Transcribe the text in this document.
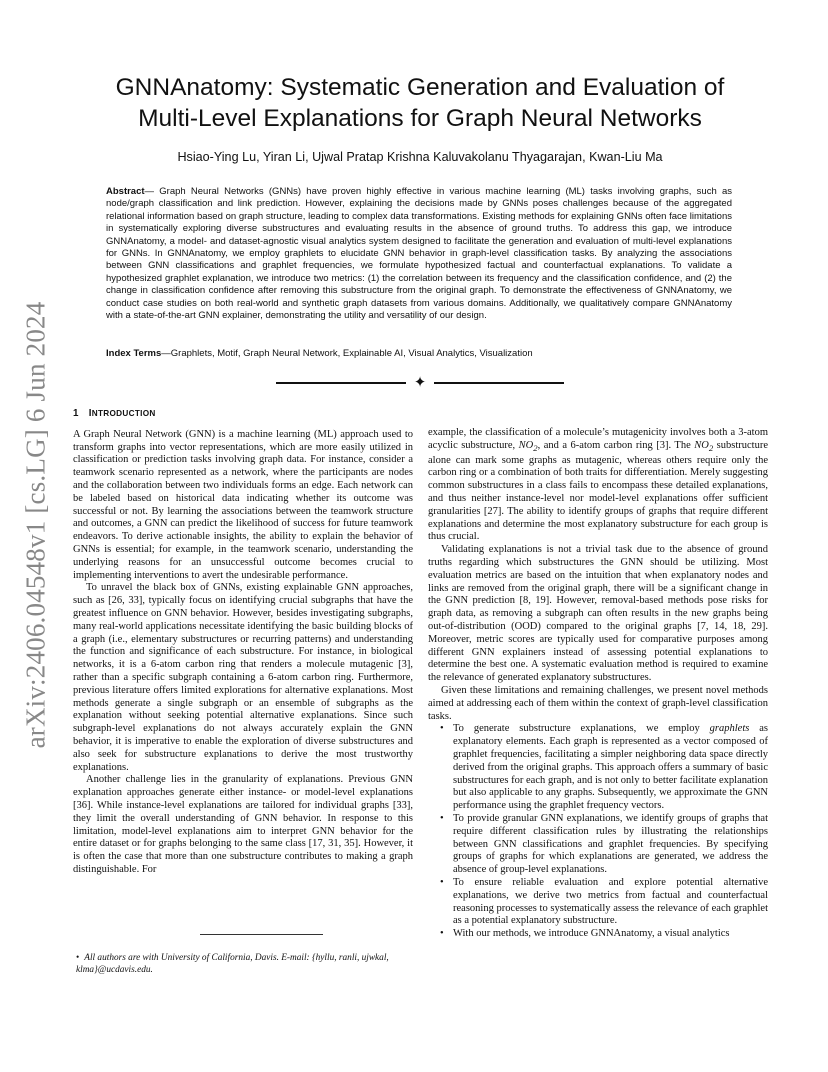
arXiv:2406.04548v1 [cs.LG] 6 Jun 2024
GNNAnatomy: Systematic Generation and Evaluation of
Multi-Level Explanations for Graph Neural Networks
Hsiao-Ying Lu, Yiran Li, Ujwal Pratap Krishna Kaluvakolanu Thyagarajan, Kwan-Liu Ma
Abstract— Graph Neural Networks (GNNs) have proven highly effective in various machine learning (ML) tasks involving graphs, such as node/graph classification and link prediction. However, explaining the decisions made by GNNs poses challenges because of the aggregated relational information based on graph structure, leading to complex data transformations. Existing methods for explaining GNNs often face limitations in systematically exploring diverse substructures and evaluating results in the absence of ground truths. To address this gap, we introduce GNNAnatomy, a model- and dataset-agnostic visual analytics system designed to facilitate the generation and evaluation of multi-level explanations for GNNs. In GNNAnatomy, we employ graphlets to elucidate GNN behavior in graph-level classification tasks. By analyzing the associations between GNN classifications and graphlet frequencies, we formulate hypothesized factual and counterfactual explanations. To validate a hypothesized graphlet explanation, we introduce two metrics: (1) the correlation between its frequency and the classification confidence, and (2) the change in classification confidence after removing this substructure from the original graph. To demonstrate the effectiveness of GNNAnatomy, we conduct case studies on both real-world and synthetic graph datasets from various domains. Additionally, we qualitatively compare GNNAnatomy with a state-of-the-art GNN explainer, demonstrating the utility and versatility of our design.
Index Terms—Graphlets, Motif, Graph Neural Network, Explainable AI, Visual Analytics, Visualization
✦
1 INTRODUCTION

A Graph Neural Network (GNN) is a machine learning (ML) approach used to transform graphs into vector representations, which are more easily utilized in classification or prediction tasks involving graph data. For instance, consider a teamwork scenario represented as a network, where the participants are nodes and the collaboration between two individuals forms an edge. Each network can be labeled based on historical data indicating whether its outcome was successful or not. By learning the associations between the teamwork structure and outcomes, a GNN can predict the likelihood of success for future teamwork endeavors. To derive actionable insights, the ability to explain the behavior of GNNs is essential; for example, in the teamwork scenario, understanding the underlying reasons for an unsuccessful outcome becomes crucial to implementing interventions to avert the undesirable performance.

To unravel the black box of GNNs, existing explainable GNN approaches, such as [26, 33], typically focus on identifying crucial subgraphs that have the greatest influence on GNN behavior. However, besides investigating subgraphs, many real-world applications necessitate identifying the basic building blocks of a graph (i.e., elementary substructures or recurring patterns) and understanding the function and significance of each substructure. For instance, in biological networks, it is a 6-atom carbon ring that renders a molecule mutagenic [3], rather than a specific subgraph containing a 6-atom carbon ring. Furthermore, previous literature offers limited explorations for alternative explanations. Most methods generate a single subgraph or an ensemble of subgraphs as the explanation without seeking potential alternative explanations. Since such subgraph-level explanations do not always accurately explain the GNN behavior, it is imperative to enable the exploration of diverse substructures and also seek for substructure explanations to derive the most trustworthy explanations.

Another challenge lies in the granularity of explanations. Previous GNN explanation approaches generate either instance- or model-level explanations [36]. While instance-level explanations are tailored for individual graphs [33], they limit the overall understanding of GNN behavior. In response to this limitation, model-level explanations aim to interpret GNN behavior for the entire dataset or for graphs belonging to the same class [17, 31, 35]. However, it is often the case that more than one substructure contributes to making a graph distinguishable. For

example, the classification of a molecule’s mutagenicity involves both a 3-atom acyclic substructure, $NO_2$, and a 6-atom carbon ring [3]. The $NO_2$ substructure alone can mark some graphs as mutagenic, whereas others require only the carbon ring or a combination of both traits for differentiation. Merely suggesting common substructures in a class fails to encompass these detailed explanations, and thus neither instance-level nor model-level explanations offer sufficient granularities [27]. The ability to identify groups of graphs that require different explanations and determine the most explanatory substructure for each group is thus crucial.

Validating explanations is not a trivial task due to the absence of ground truths regarding which substructures the GNN should be utilizing. Most evaluation metrics are based on the intuition that when explanatory nodes and links are removed from the original graph, there will be a significant change in the GNN prediction [8, 19]. However, removal-based methods pose risks for graph data, as removing a subgraph can often results in the new graphs being out-of-distribution (OOD) compared to the original graphs [7, 14, 18, 29]. Moreover, metric scores are typically used for comparative purposes among different GNN explainers instead of assessing potential explanations to determine the best one. A systematic evaluation method is required to examine the relevance of generated explanatory substructures.

Given these limitations and remaining challenges, we present novel methods aimed at addressing each of them within the context of graph-level classification tasks.

• To generate substructure explanations, we employ graphlets as explanatory elements. Each graph is represented as a vector composed of graphlet frequencies, facilitating a simpler neighboring data space directly derived from the original graphs. This approach offers a summary of basic substructures for each graph, and is not only to better facilitate explanation but also applicable to any graphs. Subsequently, we approximate the GNN performance using the graphlet frequency vectors.
• To provide granular GNN explanations, we identify groups of graphs that require different classification rules by illustrating the relationships between GNN classifications and graphlet frequencies. By specifying groups of graphs for which explanations are generated, we address the absence of group-level explanations.
• To ensure reliable evaluation and explore potential alternative explanations, we derive two metrics from factual and counterfactual reasoning processes to systematically assess the relevance of each graphlet as a potential explanatory substructure.
• With our methods, we introduce GNNAnatomy, a visual analytics
• All authors are with University of California, Davis. E-mail: {hyllu, ranli, ujwkal, klma}@ucdavis.edu.
